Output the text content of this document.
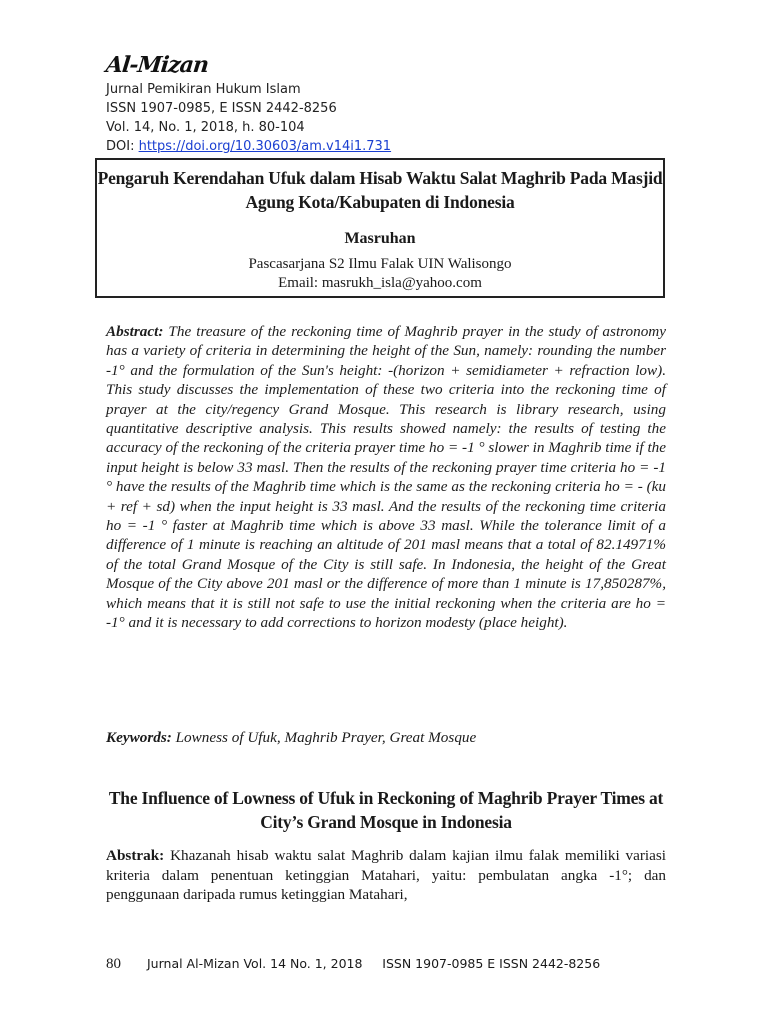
Al-Mizan
Jurnal Pemikiran Hukum Islam
ISSN 1907-0985, E ISSN 2442-8256
Vol. 14, No. 1, 2018, h. 80-104
DOI: https://doi.org/10.30603/am.v14i1.731
Pengaruh Kerendahan Ufuk dalam Hisab Waktu Salat Maghrib Pada Masjid Agung Kota/Kabupaten di Indonesia
Masruhan
Pascasarjana S2 Ilmu Falak UIN Walisongo
Email: masrukh_isla@yahoo.com
Abstract: The treasure of the reckoning time of Maghrib prayer in the study of astronomy has a variety of criteria in determining the height of the Sun, namely: rounding the number -1° and the formulation of the Sun's height: -(horizon + semidiameter + refraction low). This study discusses the implementation of these two criteria into the reckoning time of prayer at the city/regency Grand Mosque. This research is library research, using quantitative descriptive analysis. This results showed namely: the results of testing the accuracy of the reckoning of the criteria prayer time ho = -1 ° slower in Maghrib time if the input height is below 33 masl. Then the results of the reckoning prayer time criteria ho = -1 ° have the results of the Maghrib time which is the same as the reckoning criteria ho = - (ku + ref + sd) when the input height is 33 masl. And the results of the reckoning time criteria ho = -1 ° faster at Maghrib time which is above 33 masl. While the tolerance limit of a difference of 1 minute is reaching an altitude of 201 masl means that a total of 82.14971% of the total Grand Mosque of the City is still safe. In Indonesia, the height of the Great Mosque of the City above 201 masl or the difference of more than 1 minute is 17,850287%, which means that it is still not safe to use the initial reckoning when the criteria are ho = -1° and it is necessary to add corrections to horizon modesty (place height).
Keywords: Lowness of Ufuk, Maghrib Prayer, Great Mosque
The Influence of Lowness of Ufuk in Reckoning of Maghrib Prayer Times at City’s Grand Mosque in Indonesia
Abstrak: Khazanah hisab waktu salat Maghrib dalam kajian ilmu falak memiliki variasi kriteria dalam penentuan ketinggian Matahari, yaitu: pembulatan angka -1°; dan penggunaan daripada rumus ketinggian Matahari,
80 Jurnal Al-Mizan Vol. 14 No. 1, 2018     ISSN 1907-0985 E ISSN 2442-8256
